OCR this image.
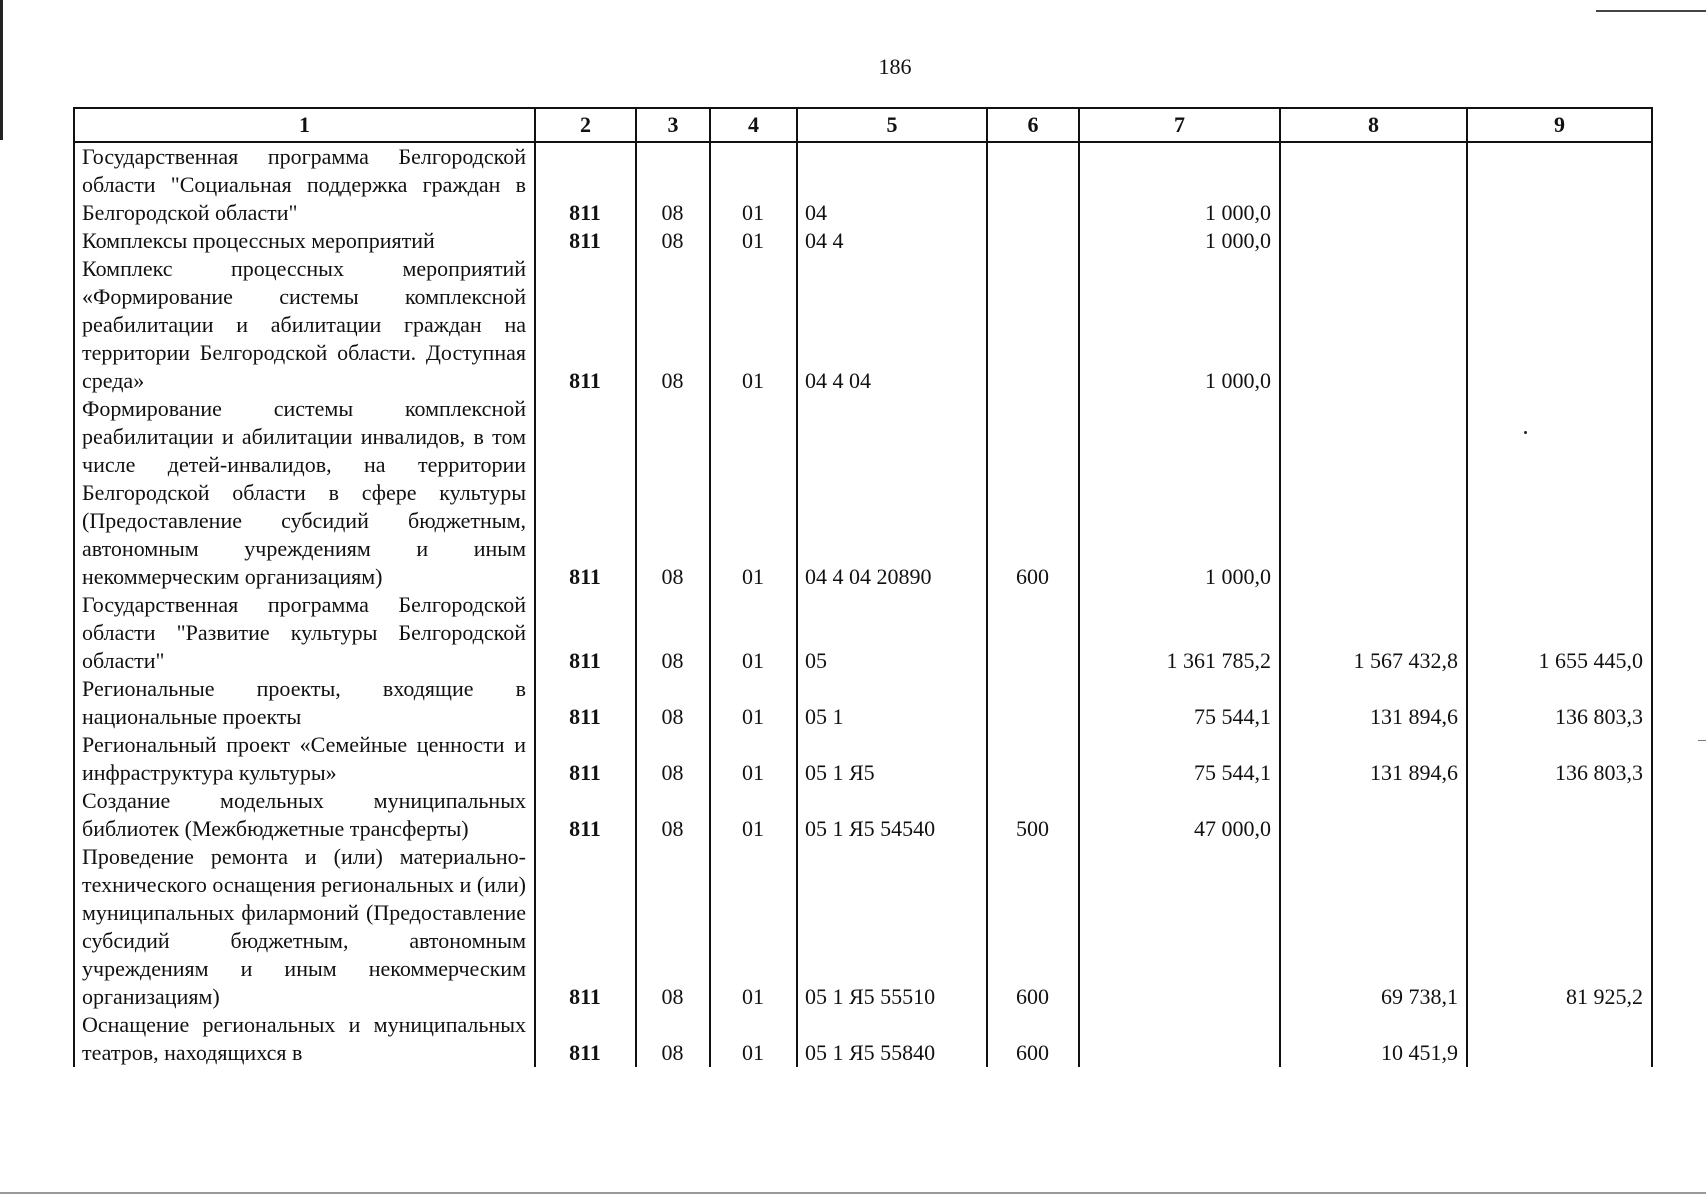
186
1	2	3	4	5	6	7	8	9
Государственная программа Белгородской области "Социальная поддержка граждан в Белгородской области"	811	08	01	04		1 000,0		
Комплексы процессных мероприятий	811	08	01	04 4		1 000,0		
Комплекс процессных мероприятий «Формирование системы комплексной реабилитации и абилитации граждан на территории Белгородской области. Доступная среда»	811	08	01	04 4 04		1 000,0		
Формирование системы комплексной реабилитации и абилитации инвалидов, в том числе детей-инвалидов, на территории Белгородской области в сфере культуры (Предоставление субсидий бюджетным, автономным учреждениям и иным некоммерческим организациям)	811	08	01	04 4 04 20890	600	1 000,0		
Государственная программа Белгородской области "Развитие культуры Белгородской области"	811	08	01	05		1 361 785,2	1 567 432,8	1 655 445,0
Региональные проекты, входящие в национальные проекты	811	08	01	05 1		75 544,1	131 894,6	136 803,3
Региональный проект «Семейные ценности и инфраструктура культуры»	811	08	01	05 1 Я5		75 544,1	131 894,6	136 803,3
Создание модельных муниципальных библиотек (Межбюджетные трансферты)	811	08	01	05 1 Я5 54540	500	47 000,0		
Проведение ремонта и (или) материально-технического оснащения региональных и (или) муниципальных филармоний (Предоставление субсидий бюджетным, автономным учреждениям и иным некоммерческим организациям)	811	08	01	05 1 Я5 55510	600		69 738,1	81 925,2
Оснащение региональных и муниципальных театров, находящихся в	811	08	01	05 1 Я5 55840	600		10 451,9	
